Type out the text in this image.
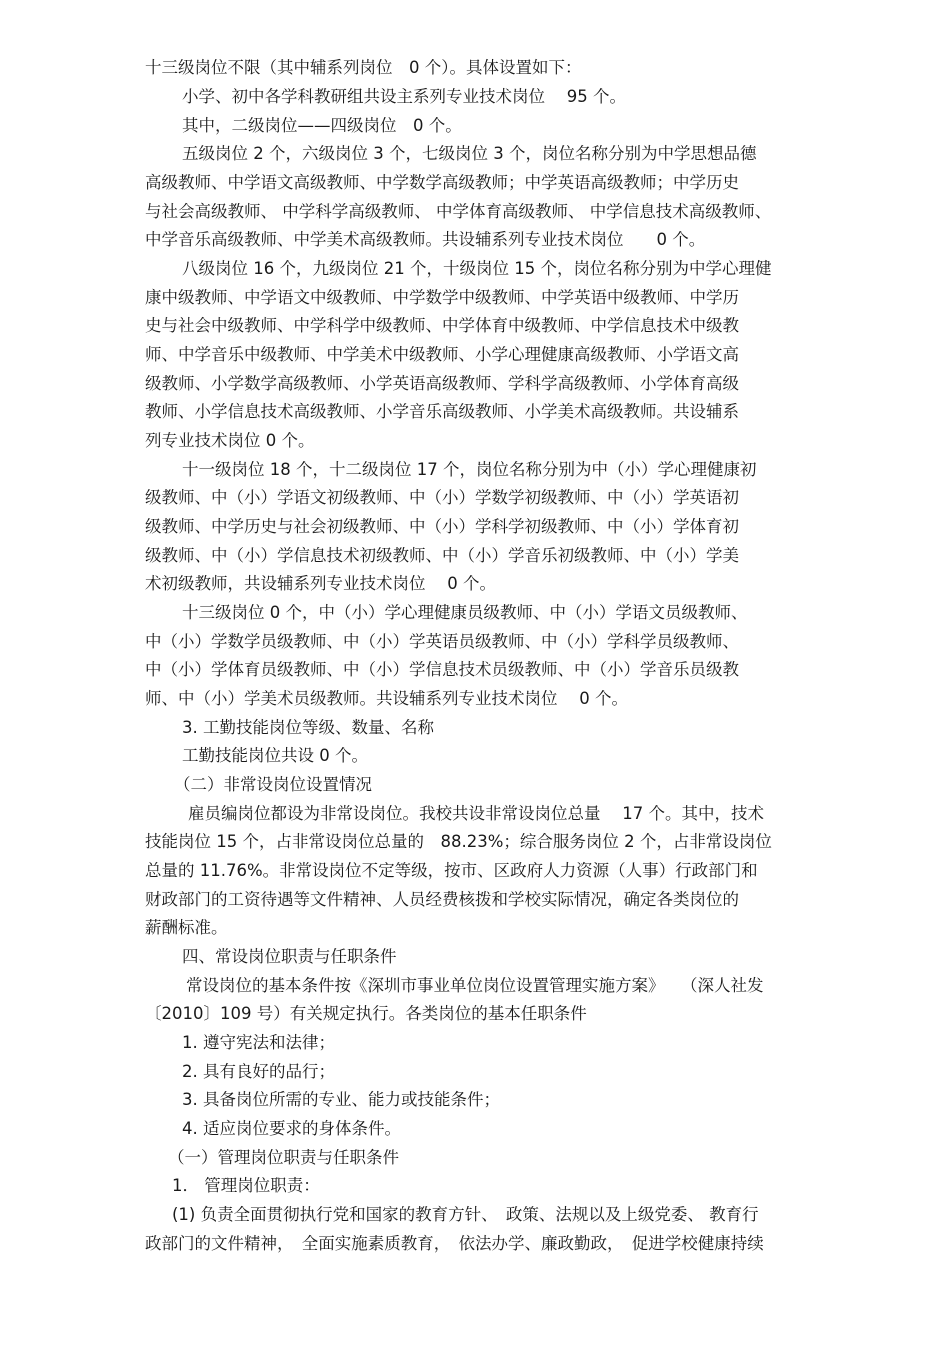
十三级岗位不限（其中辅系列岗位　0 个）。具体设置如下：
小学、初中各学科教研组共设主系列专业技术岗位　 95 个。
其中，二级岗位——四级岗位　0 个。
五级岗位 2 个，六级岗位 3 个，七级岗位 3 个，岗位名称分别为中学思想品德
高级教师、中学语文高级教师、中学数学高级教师；中学英语高级教师；中学历史
与社会高级教师、 中学科学高级教师、 中学体育高级教师、 中学信息技术高级教师、
中学音乐高级教师、中学美术高级教师。共设辅系列专业技术岗位　　0 个。
八级岗位 16 个，九级岗位 21 个，十级岗位 15 个，岗位名称分别为中学心理健
康中级教师、中学语文中级教师、中学数学中级教师、中学英语中级教师、中学历
史与社会中级教师、中学科学中级教师、中学体育中级教师、中学信息技术中级教
师、中学音乐中级教师、中学美术中级教师、小学心理健康高级教师、小学语文高
级教师、小学数学高级教师、小学英语高级教师、学科学高级教师、小学体育高级
教师、小学信息技术高级教师、小学音乐高级教师、小学美术高级教师。共设辅系
列专业技术岗位 0 个。
十一级岗位 18 个，十二级岗位 17 个，岗位名称分别为中（小）学心理健康初
级教师、中（小）学语文初级教师、中（小）学数学初级教师、中（小）学英语初
级教师、中学历史与社会初级教师、中（小）学科学初级教师、中（小）学体育初
级教师、中（小）学信息技术初级教师、中（小）学音乐初级教师、中（小）学美
术初级教师，共设辅系列专业技术岗位　 0 个。
十三级岗位 0 个，中（小）学心理健康员级教师、中（小）学语文员级教师、
中（小）学数学员级教师、中（小）学英语员级教师、中（小）学科学员级教师、
中（小）学体育员级教师、中（小）学信息技术员级教师、中（小）学音乐员级教
师、中（小）学美术员级教师。共设辅系列专业技术岗位　 0 个。
3. 工勤技能岗位等级、数量、名称
工勤技能岗位共设 0 个。
（二）非常设岗位设置情况
雇员编岗位都设为非常设岗位。我校共设非常设岗位总量　 17 个。其中，技术
技能岗位 15 个，占非常设岗位总量的　88.23%；综合服务岗位 2 个，占非常设岗位
总量的 11.76%。非常设岗位不定等级，按市、区政府人力资源（人事）行政部门和
财政部门的工资待遇等文件精神、人员经费核拨和学校实际情况，确定各类岗位的
薪酬标准。
四、常设岗位职责与任职条件
常设岗位的基本条件按《深圳市事业单位岗位设置管理实施方案》　　（深人社发
〔2010〕109 号）有关规定执行。各类岗位的基本任职条件
1. 遵守宪法和法律；
2. 具有良好的品行；
3. 具备岗位所需的专业、能力或技能条件；
4. 适应岗位要求的身体条件。
（一）管理岗位职责与任职条件
1． 管理岗位职责：
(1) 负责全面贯彻执行党和国家的教育方针、　政策、法规以及上级党委、 教育行
政部门的文件精神，　全面实施素质教育，　依法办学、廉政勤政，　促进学校健康持续
